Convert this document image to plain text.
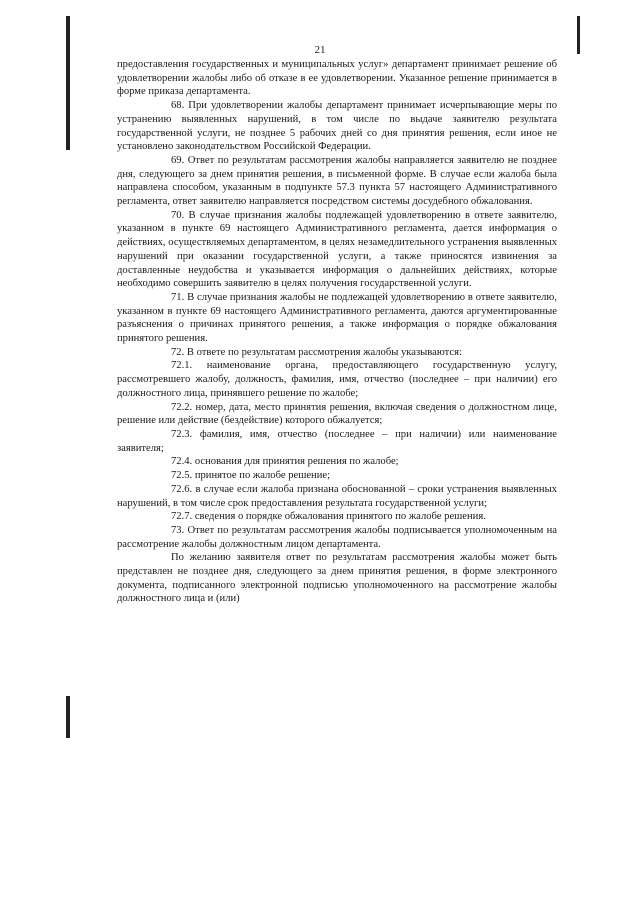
21

предоставления государственных и муниципальных услуг» департамент принимает решение об удовлетворении жалобы либо об отказе в ее удовлетворении. Указанное решение принимается в форме приказа департамента.

68. При удовлетворении жалобы департамент принимает исчерпывающие меры по устранению выявленных нарушений, в том числе по выдаче заявителю результата государственной услуги, не позднее 5 рабочих дней со дня принятия решения, если иное не установлено законодательством Российской Федерации.

69. Ответ по результатам рассмотрения жалобы направляется заявителю не позднее дня, следующего за днем принятия решения, в письменной форме. В случае если жалоба была направлена способом, указанным в подпункте 57.3 пункта 57 настоящего Административного регламента, ответ заявителю направляется посредством системы досудебного обжалования.

70. В случае признания жалобы подлежащей удовлетворению в ответе заявителю, указанном в пункте 69 настоящего Административного регламента, дается информация о действиях, осуществляемых департаментом, в целях незамедлительного устранения выявленных нарушений при оказании государственной услуги, а также приносятся извинения за доставленные неудобства и указывается информация о дальнейших действиях, которые необходимо совершить заявителю в целях получения государственной услуги.

71. В случае признания жалобы не подлежащей удовлетворению в ответе заявителю, указанном в пункте 69 настоящего Административного регламента, даются аргументированные разъяснения о причинах принятого решения, а также информация о порядке обжалования принятого решения.

72. В ответе по результатам рассмотрения жалобы указываются:

72.1. наименование органа, предоставляющего государственную услугу, рассмотревшего жалобу, должность, фамилия, имя, отчество (последнее – при наличии) его должностного лица, принявшего решение по жалобе;

72.2. номер, дата, место принятия решения, включая сведения о должностном лице, решение или действие (бездействие) которого обжалуется;

72.3. фамилия, имя, отчество (последнее – при наличии) или наименование заявителя;

72.4. основания для принятия решения по жалобе;

72.5. принятое по жалобе решение;

72.6. в случае если жалоба признана обоснованной – сроки устранения выявленных нарушений, в том числе срок предоставления результата государственной услуги;

72.7. сведения о порядке обжалования принятого по жалобе решения.

73. Ответ по результатам рассмотрения жалобы подписывается уполномоченным на рассмотрение жалобы должностным лицом департамента.

По желанию заявителя ответ по результатам рассмотрения жалобы может быть представлен не позднее дня, следующего за днем принятия решения, в форме электронного документа, подписанного электронной подписью уполномоченного на рассмотрение жалобы должностного лица и (или)
